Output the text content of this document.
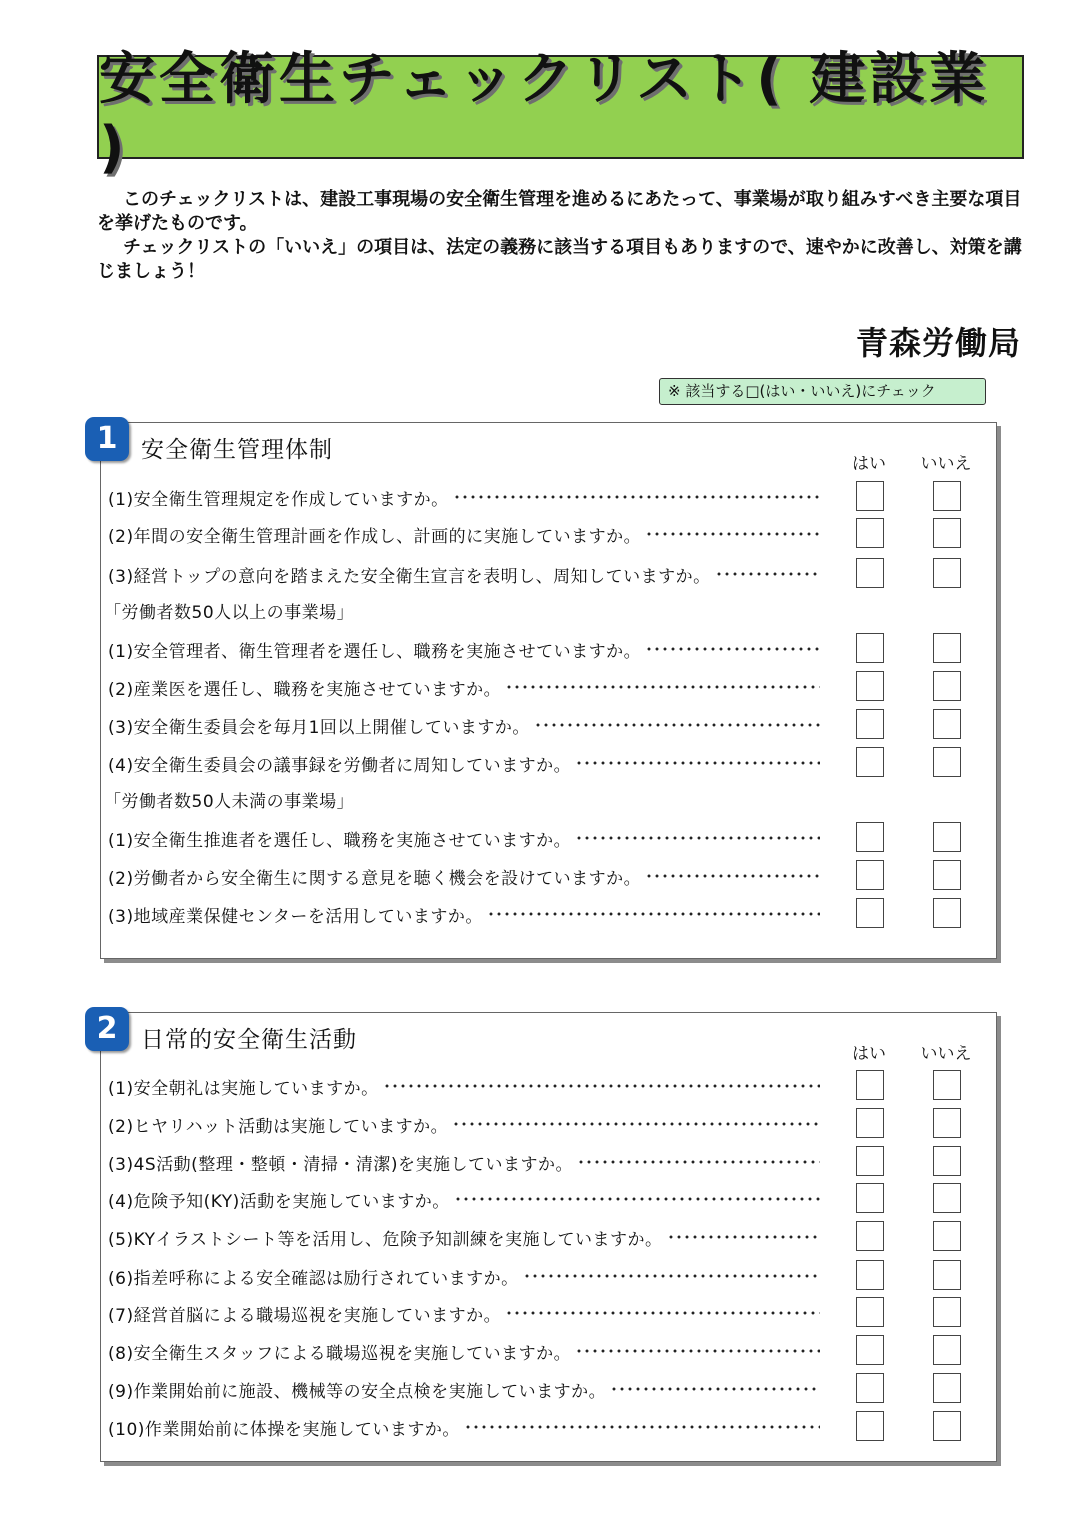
安全衛生チェックリスト( 建設業 )

このチェックリストは、建設工事現場の安全衛生管理を進めるにあたって、事業場が取り組みすべき主要な項目を挙げたものです。

チェックリストの「いいえ」の項目は、法定の義務に該当する項目もありますので、速やかに改善し、対策を講じましょう！

青森労働局
※ 該当する□(はい・いいえ)にチェック
1	安全衛生管理体制
はい	いいえ
(1)安全衛生管理規定を作成していますか。
(2)年間の安全衛生管理計画を作成し、計画的に実施していますか。
(3)経営トップの意向を踏まえた安全衛生宣言を表明し、周知していますか。
「労働者数50人以上の事業場」
(1)安全管理者、衛生管理者を選任し、職務を実施させていますか。
(2)産業医を選任し、職務を実施させていますか。
(3)安全衛生委員会を毎月1回以上開催していますか。
(4)安全衛生委員会の議事録を労働者に周知していますか。
「労働者数50人未満の事業場」
(1)安全衛生推進者を選任し、職務を実施させていますか。
(2)労働者から安全衛生に関する意見を聴く機会を設けていますか。
(3)地域産業保健センターを活用していますか。
2	日常的安全衛生活動
はい	いいえ
(1)安全朝礼は実施していますか。
(2)ヒヤリハット活動は実施していますか。
(3)4S活動(整理・整頓・清掃・清潔)を実施していますか。
(4)危険予知(KY)活動を実施していますか。
(5)KYイラストシート等を活用し、危険予知訓練を実施していますか。
(6)指差呼称による安全確認は励行されていますか。
(7)経営首脳による職場巡視を実施していますか。
(8)安全衛生スタッフによる職場巡視を実施していますか。
(9)作業開始前に施設、機械等の安全点検を実施していますか。
(10)作業開始前に体操を実施していますか。
